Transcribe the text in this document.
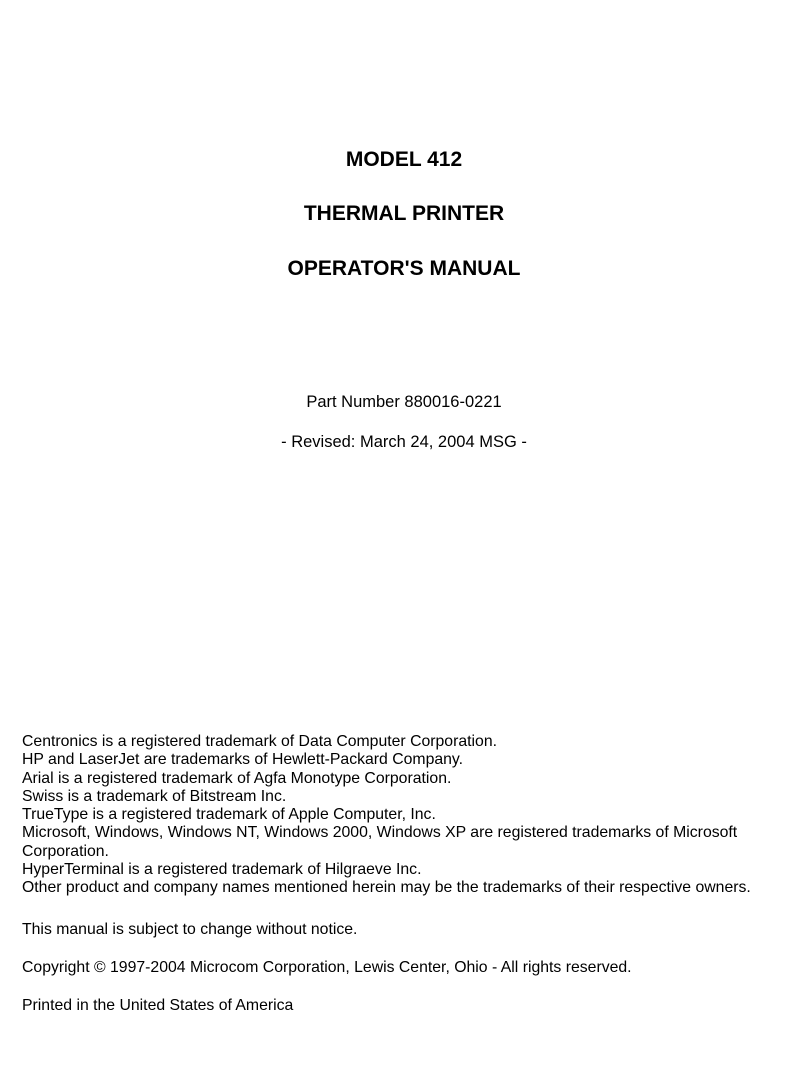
MODEL 412
THERMAL PRINTER
OPERATOR'S MANUAL
Part Number 880016-0221
- Revised: March 24, 2004 MSG -
Centronics is a registered trademark of Data Computer Corporation.
HP and LaserJet are trademarks of Hewlett-Packard Company.
Arial is a registered trademark of Agfa Monotype Corporation.
Swiss is a trademark of Bitstream Inc.
TrueType is a registered trademark of Apple Computer, Inc.
Microsoft, Windows, Windows NT, Windows 2000, Windows XP are registered trademarks of Microsoft Corporation.
HyperTerminal is a registered trademark of Hilgraeve Inc.
Other product and company names mentioned herein may be the trademarks of their respective owners.
This manual is subject to change without notice.
Copyright © 1997-2004 Microcom Corporation, Lewis Center, Ohio - All rights reserved.
Printed in the United States of America
